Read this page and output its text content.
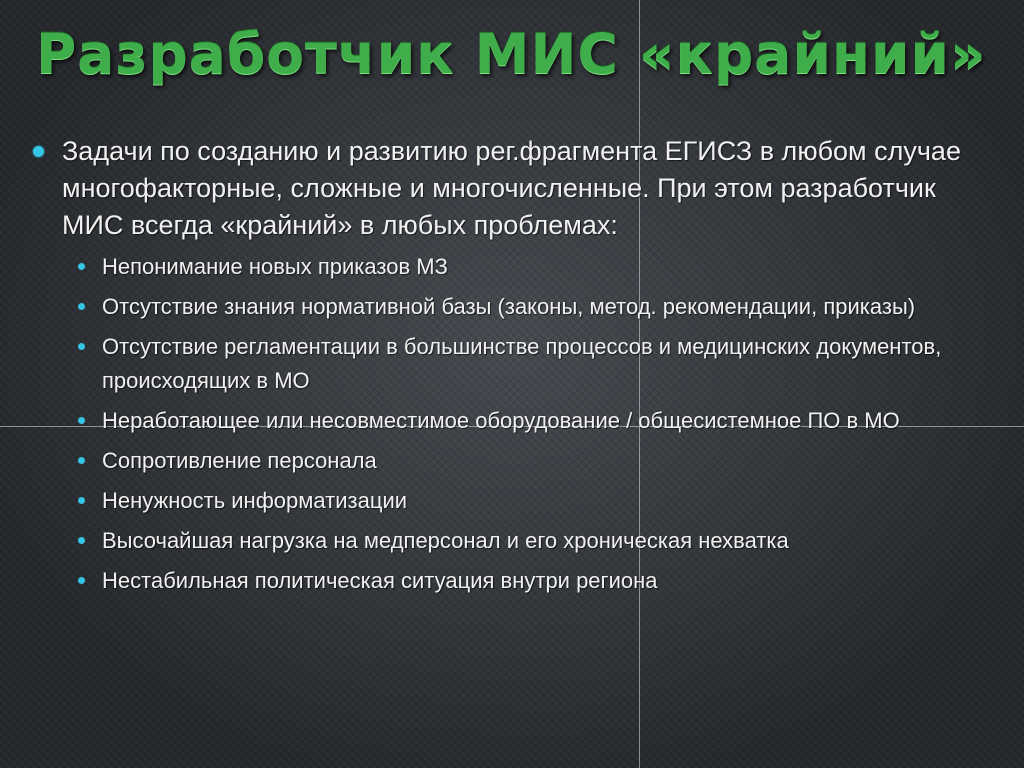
Разработчик МИС «крайний»
Задачи по созданию и развитию рег.фрагмента ЕГИСЗ в любом случае многофакторные, сложные и многочисленные. При этом разработчик МИС всегда «крайний» в любых проблемах:
Непонимание новых приказов МЗ
Отсутствие знания нормативной базы (законы, метод. рекомендации, приказы)
Отсутствие регламентации в большинстве процессов и медицинских документов, происходящих в МО
Неработающее или несовместимое оборудование / общесистемное ПО в МО
Сопротивление персонала
Ненужность информатизации
Высочайшая нагрузка на медперсонал и его хроническая нехватка
Нестабильная политическая ситуация внутри региона
